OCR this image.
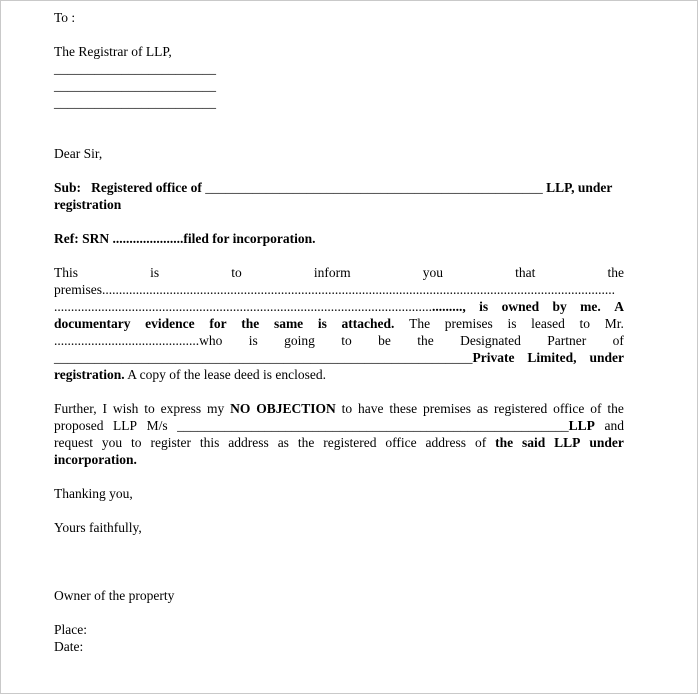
To :
The Registrar of LLP,
________________________
________________________
________________________
Dear Sir,
Sub:   Registered office of __________________________________________________ LLP, under
registration
Ref: SRN .....................filed for incorporation.
This	is	to	inform	you	that	the
premises........................................................................................................................................................
........................................................................................................................., is owned by me. A
documentary evidence for the same is attached. The premises is leased to Mr.
...........................................who is going to be the Designated Partner of
______________________________________________________________Private Limited, under
registration. A copy of the lease deed is enclosed.
Further, I wish to express my NO OBJECTION to have these premises as registered office of the
proposed LLP M/s __________________________________________________________LLP and
request you to register this address as the registered office address of the said LLP under
incorporation.
Thanking you,
Yours faithfully,
Owner of the property
Place:
Date:
